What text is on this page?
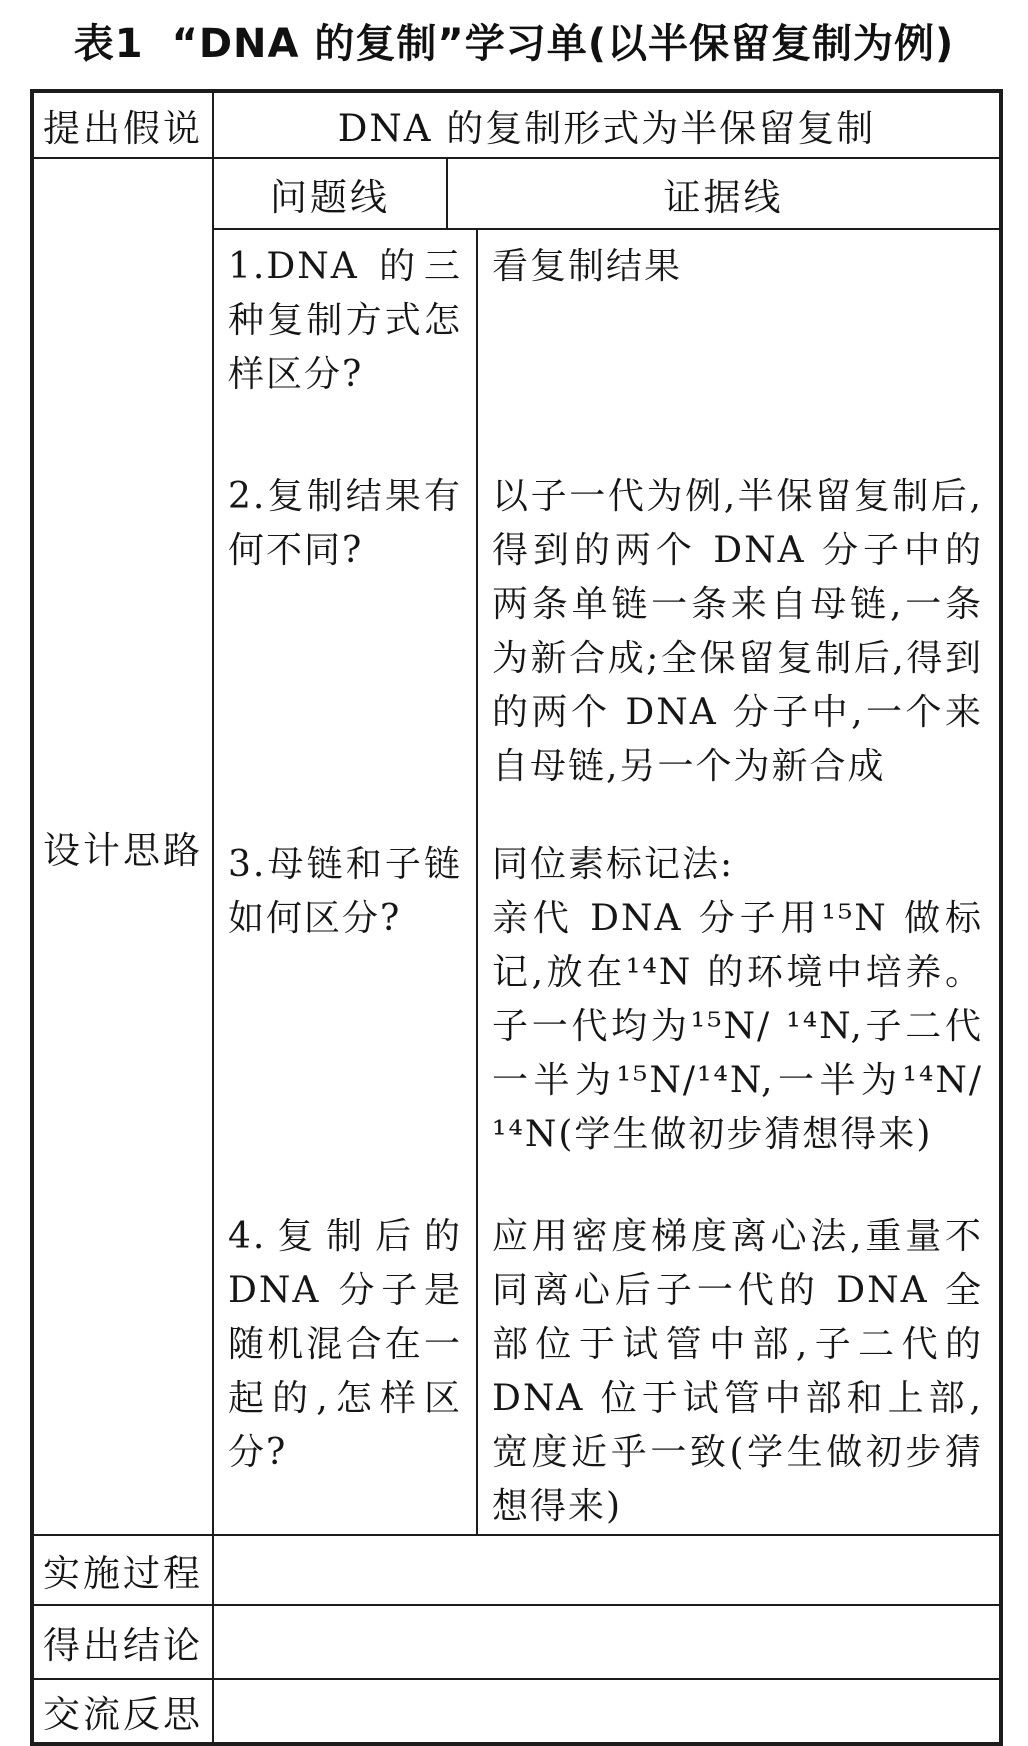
表1 “DNA 的复制”学习单(以半保留复制为例)
提出假说	DNA 的复制形式为半保留复制
设计思路
问题线	证据线

1.DNA 的三种复制方式怎样区分?

看复制结果

2.复制结果有何不同?

以子一代为例,半保留复制后,得到的两个 DNA 分子中的两条单链一条来自母链,一条为新合成;全保留复制后,得到的两个 DNA 分子中,一个来自母链,另一个为新合成

3.母链和子链如何区分?

同位素标记法:

亲代 DNA 分子用¹⁵N 做标记,放在¹⁴N 的环境中培养。子一代均为¹⁵N/ ¹⁴N,子二代一半为¹⁵N/¹⁴N,一半为¹⁴N/¹⁴N(学生做初步猜想得来)

4.复制后的 DNA 分子是随机混合在一起的,怎样区分?

应用密度梯度离心法,重量不同离心后子一代的 DNA 全部位于试管中部,子二代的 DNA 位于试管中部和上部,宽度近乎一致(学生做初步猜想得来)

实施过程
得出结论
交流反思
